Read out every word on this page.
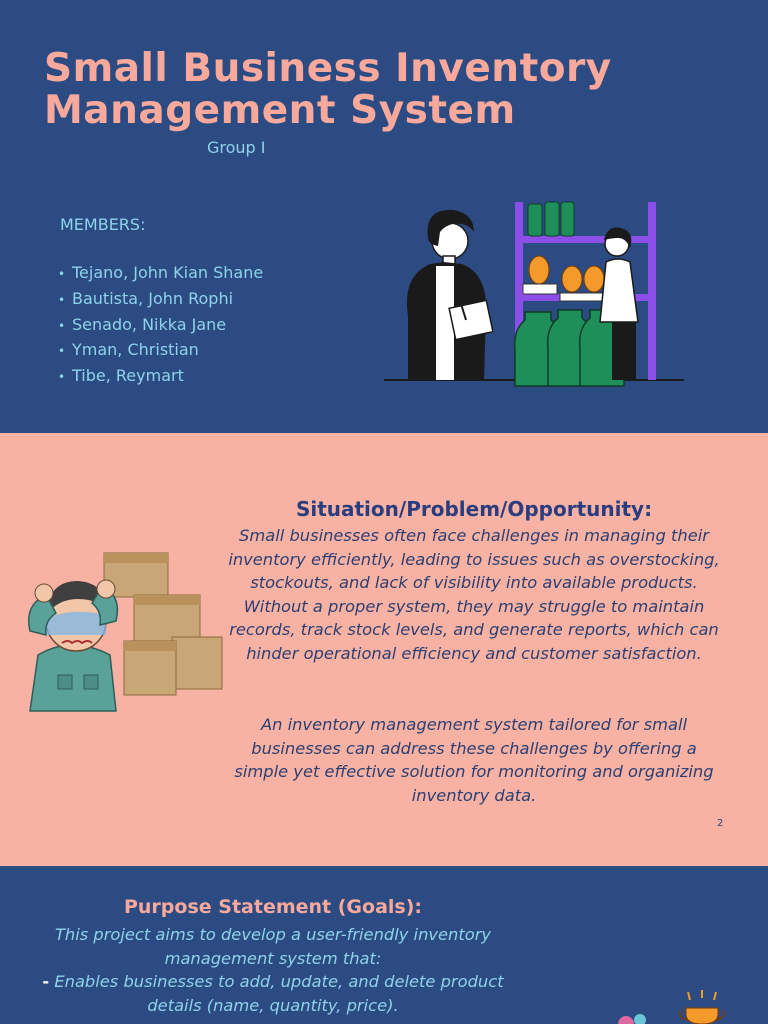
Small Business Inventory
Management System
Group I
MEMBERS:
• Tejano, John Kian Shane
• Bautista, John Rophi
• Senado, Nikka Jane
• Yman, Christian
• Tibe, Reymart
Situation/Problem/Opportunity:

Small businesses often face challenges in managing their inventory efficiently, leading to issues such as overstocking, stockouts, and lack of visibility into available products. Without a proper system, they may struggle to maintain records, track stock levels, and generate reports, which can hinder operational efficiency and customer satisfaction.

An inventory management system tailored for small businesses can address these challenges by offering a simple yet effective solution for monitoring and organizing inventory data.

2
Purpose Statement (Goals):

This project aims to develop a user-friendly inventory management system that:
- Enables businesses to add, update, and delete product details (name, quantity, price).
